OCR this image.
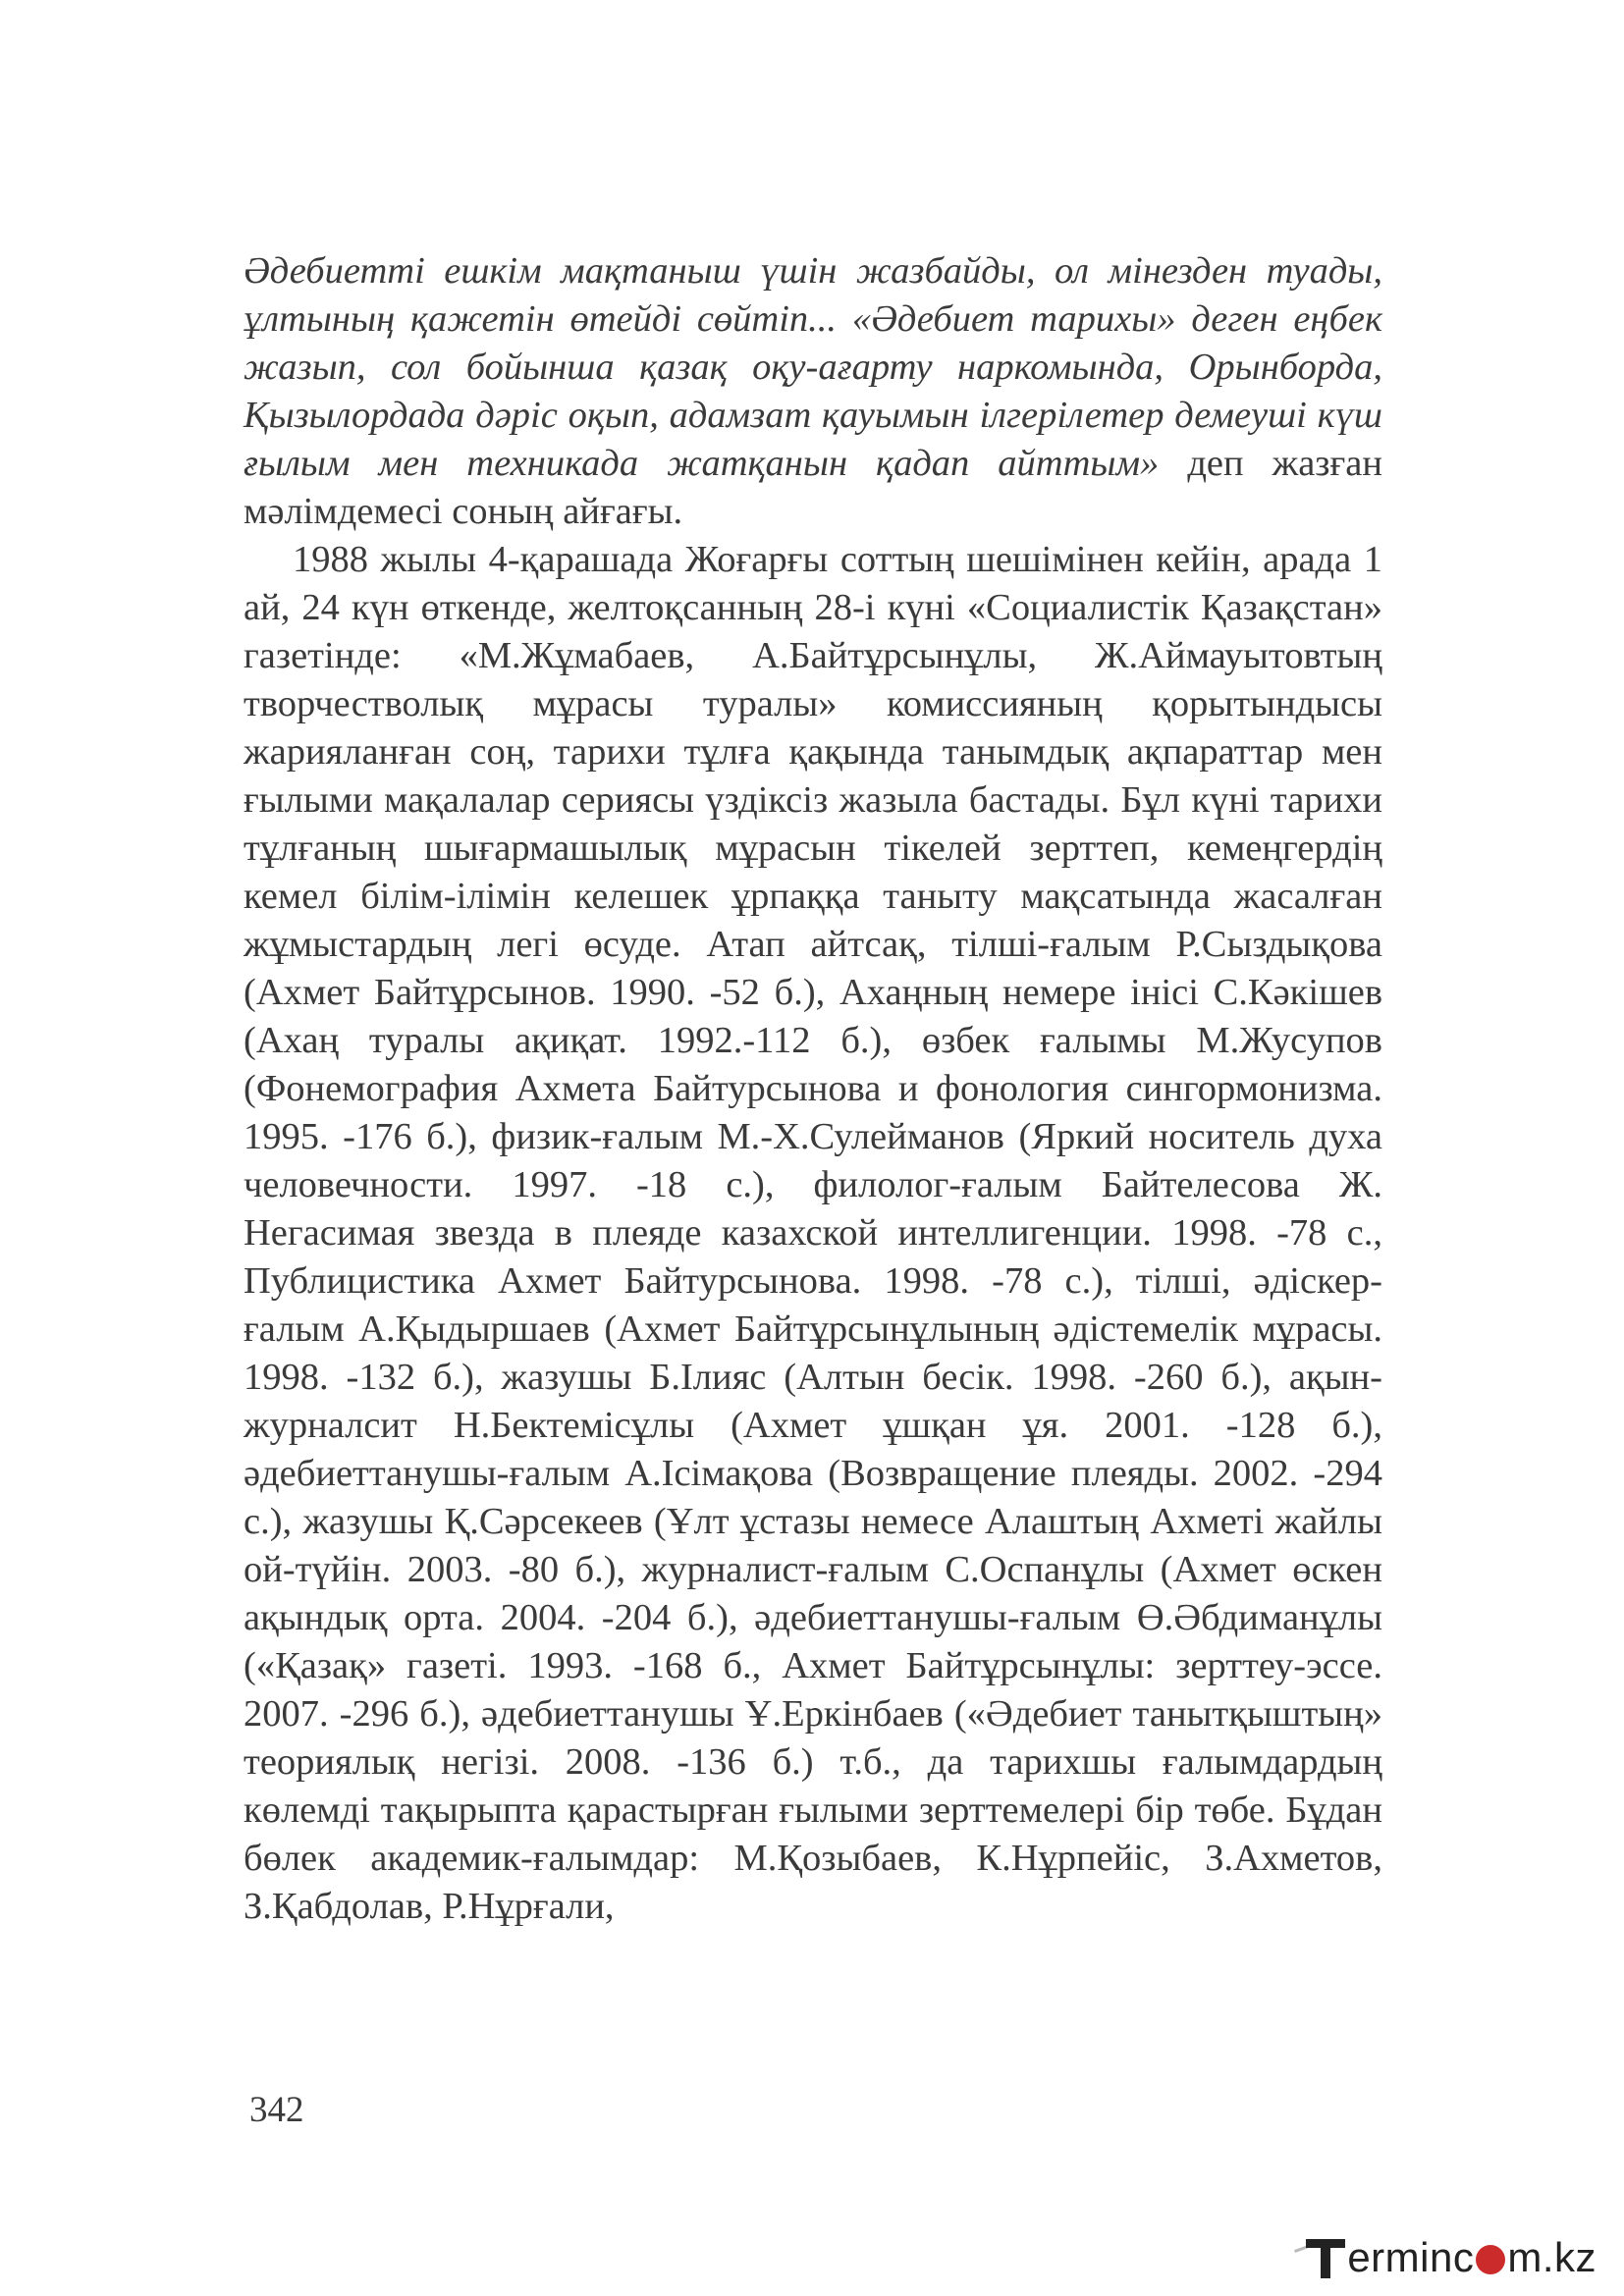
Әдебиетті ешкім мақтаныш үшін жазбайды, ол мінезден туады, ұлтының қажетін өтейді сөйтіп... «Әдебиет тарихы» деген еңбек жазып, сол бойынша қазақ оқу-ағарту наркомында, Орынборда, Қызылордада дәріс оқып, адамзат қауымын ілгерілетер демеуші күш ғылым мен техникада жатқанын қадап айттым» деп жазған мәлімдемесі соның айғағы.

1988 жылы 4-қарашада Жоғарғы соттың шешімінен кейін, арада 1 ай, 24 күн өткенде, желтоқсанның 28-і күні «Социалистік Қазақстан» газетінде: «М.Жұмабаев, А.Байтұрсынұлы, Ж.Аймауытовтың творчестволық мұрасы туралы» комиссияның қорытындысы жарияланған соң, тарихи тұлға қақында танымдық ақпараттар мен ғылыми мақалалар сериясы үздіксіз жазыла бастады. Бұл күні тарихи тұлғаның шығармашылық мұрасын тікелей зерттеп, кемеңгердің кемел білім-ілімін келешек ұрпаққа таныту мақсатында жасалған жұмыстардың легі өсуде. Атап айтсақ, тілші-ғалым Р.Сыздықова (Ахмет Байтұрсынов. 1990. -52 б.), Ахаңның немере інісі С.Кәкішев (Ахаң туралы ақиқат. 1992.-112 б.), өзбек ғалымы М.Жусупов (Фонемография Ахмета Байтурсынова и фонология сингормонизма. 1995. -176 б.), физик-ғалым М.-Х.Сулейманов (Яркий носитель духа человечности. 1997. -18 с.), филолог-ғалым Байтелесова Ж. Негасимая звезда в плеяде казахской интеллигенции. 1998. -78 с., Публицистика Ахмет Байтурсынова. 1998. -78 с.), тілші, әдіскер-ғалым А.Қыдыршаев (Ахмет Байтұрсынұлының әдістемелік мұрасы. 1998. -132 б.), жазушы Б.Ілияс (Алтын бесік. 1998. -260 б.), ақын-журналсит Н.Бектемісұлы (Ахмет ұшқан ұя. 2001. -128 б.), әдебиеттанушы-ғалым А.Ісімақова (Возвращение плеяды. 2002. -294 с.), жазушы Қ.Сәрсекеев (Ұлт ұстазы немесе Алаштың Ахметі жайлы ой-түйін. 2003. -80 б.), журналист-ғалым С.Оспанұлы (Ахмет өскен ақындық орта. 2004. -204 б.), әдебиеттанушы-ғалым Ө.Әбдиманұлы («Қазақ» газеті. 1993. -168 б., Ахмет Байтұрсынұлы: зерттеу-эссе. 2007. -296 б.), әдебиеттанушы Ұ.Еркінбаев («Әдебиет танытқыштың» теориялық негізі. 2008. -136 б.) т.б., да тарихшы ғалымдардың көлемді тақырыпта қарастырған ғылыми зерттемелері бір төбе. Бұдан бөлек академик-ғалымдар: М.Қозыбаев, К.Нұрпейіс, З.Ахметов, З.Қабдолав, Р.Нұрғали,

342
ermin c m.kz
